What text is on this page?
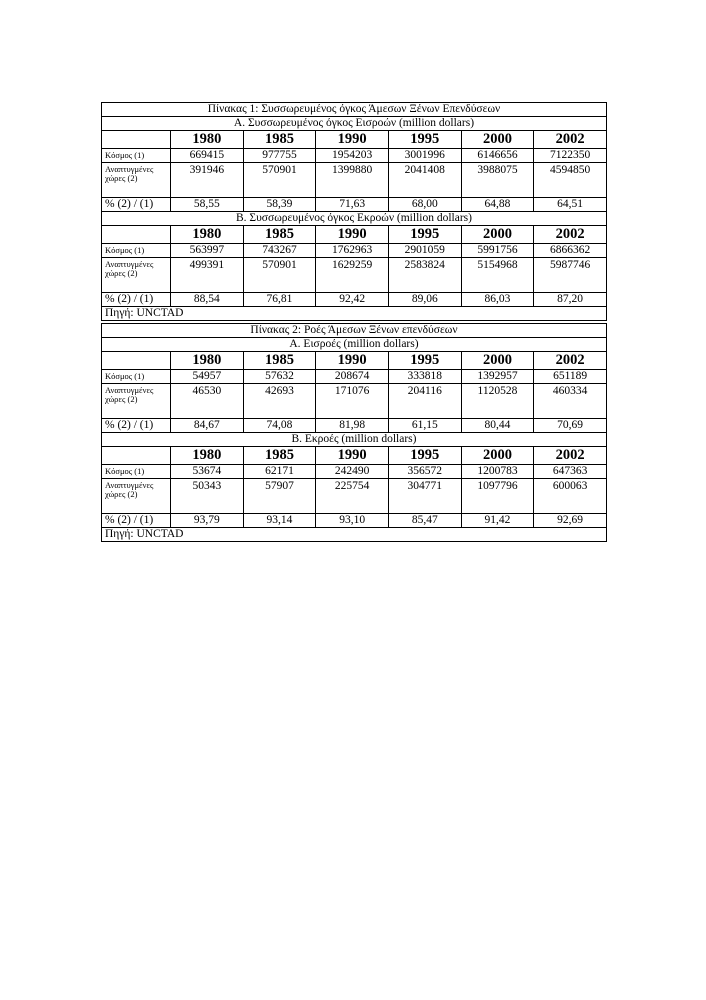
Πίνακας 1: Συσσωρευμένος όγκος Άμεσων Ξένων Επενδύσεων						
Α. Συσσωρευμένος όγκος Εισροών (million dollars)						
	1980	1985	1990	1995	2000	2002
Κόσμος (1)	669415	977755	1954203	3001996	6146656	7122350
Αναπτυγμένες χώρες (2)	391946	570901	1399880	2041408	3988075	4594850
% (2) / (1)	58,55	58,39	71,63	68,00	64,88	64,51
Β. Συσσωρευμένος όγκος Εκροών (million dollars)						
	1980	1985	1990	1995	2000	2002
Κόσμος (1)	563997	743267	1762963	2901059	5991756	6866362
Αναπτυγμένες χώρες (2)	499391	570901	1629259	2583824	5154968	5987746
% (2) / (1)	88,54	76,81	92,42	89,06	86,03	87,20
Πηγή: UNCTAD						
Πίνακας 2: Ροές Άμεσων Ξένων επενδύσεων						
Α. Εισροές (million dollars)						
	1980	1985	1990	1995	2000	2002
Κόσμος (1)	54957	57632	208674	333818	1392957	651189
Αναπτυγμένες χώρες (2)	46530	42693	171076	204116	1120528	460334
% (2) / (1)	84,67	74,08	81,98	61,15	80,44	70,69
Β. Εκροές (million dollars)						
	1980	1985	1990	1995	2000	2002
Κόσμος (1)	53674	62171	242490	356572	1200783	647363
Αναπτυγμένες χώρες (2)	50343	57907	225754	304771	1097796	600063
% (2) / (1)	93,79	93,14	93,10	85,47	91,42	92,69
Πηγή: UNCTAD						
